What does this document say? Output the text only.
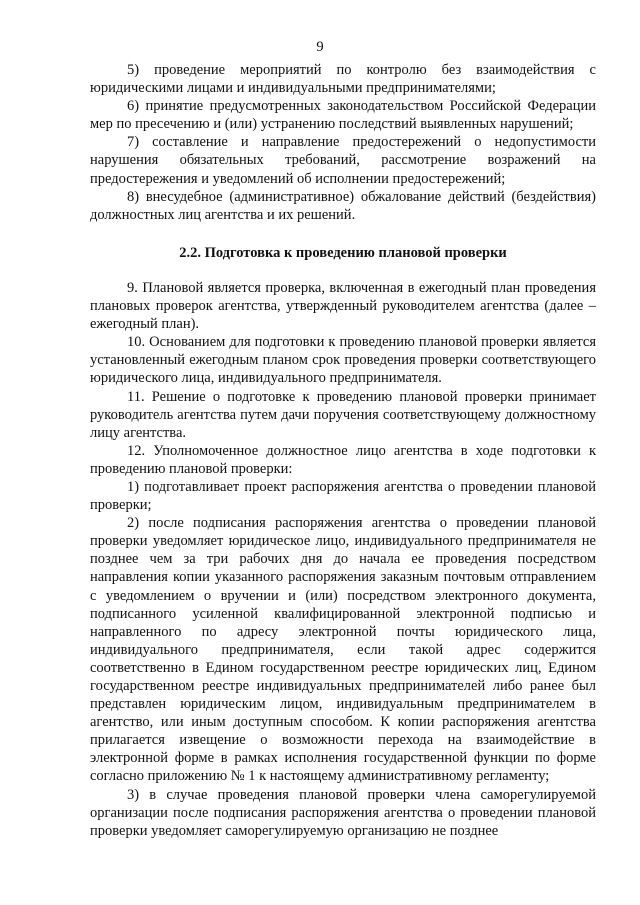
9

5) проведение мероприятий по контролю без взаимодействия с юридическими лицами и индивидуальными предпринимателями;

6) принятие предусмотренных законодательством Российской Федерации мер по пресечению и (или) устранению последствий выявленных нарушений;

7) составление и направление предостережений о недопустимости нарушения обязательных требований, рассмотрение возражений на предостережения и уведомлений об исполнении предостережений;

8) внесудебное (административное) обжалование действий (бездействия) должностных лиц агентства и их решений.

2.2. Подготовка к проведению плановой проверки

9. Плановой является проверка, включенная в ежегодный план проведения плановых проверок агентства, утвержденный руководителем агентства (далее – ежегодный план).

10. Основанием для подготовки к проведению плановой проверки является установленный ежегодным планом срок проведения проверки соответствующего юридического лица, индивидуального предпринимателя.

11. Решение о подготовке к проведению плановой проверки принимает руководитель агентства путем дачи поручения соответствующему должностному лицу агентства.

12. Уполномоченное должностное лицо агентства в ходе подготовки к проведению плановой проверки:

1) подготавливает проект распоряжения агентства о проведении плановой проверки;

2) после подписания распоряжения агентства о проведении плановой проверки уведомляет юридическое лицо, индивидуального предпринимателя не позднее чем за три рабочих дня до начала ее проведения посредством направления копии указанного распоряжения заказным почтовым отправлением с уведомлением о вручении и (или) посредством электронного документа, подписанного усиленной квалифицированной электронной подписью и направленного по адресу электронной почты юридического лица, индивидуального предпринимателя, если такой адрес содержится соответственно в Едином государственном реестре юридических лиц, Едином государственном реестре индивидуальных предпринимателей либо ранее был представлен юридическим лицом, индивидуальным предпринимателем в агентство, или иным доступным способом. К копии распоряжения агентства прилагается извещение о возможности перехода на взаимодействие в электронной форме в рамках исполнения государственной функции по форме согласно приложению № 1 к настоящему административному регламенту;

3) в случае проведения плановой проверки члена саморегулируемой организации после подписания распоряжения агентства о проведении плановой проверки уведомляет саморегулируемую организацию не позднее
